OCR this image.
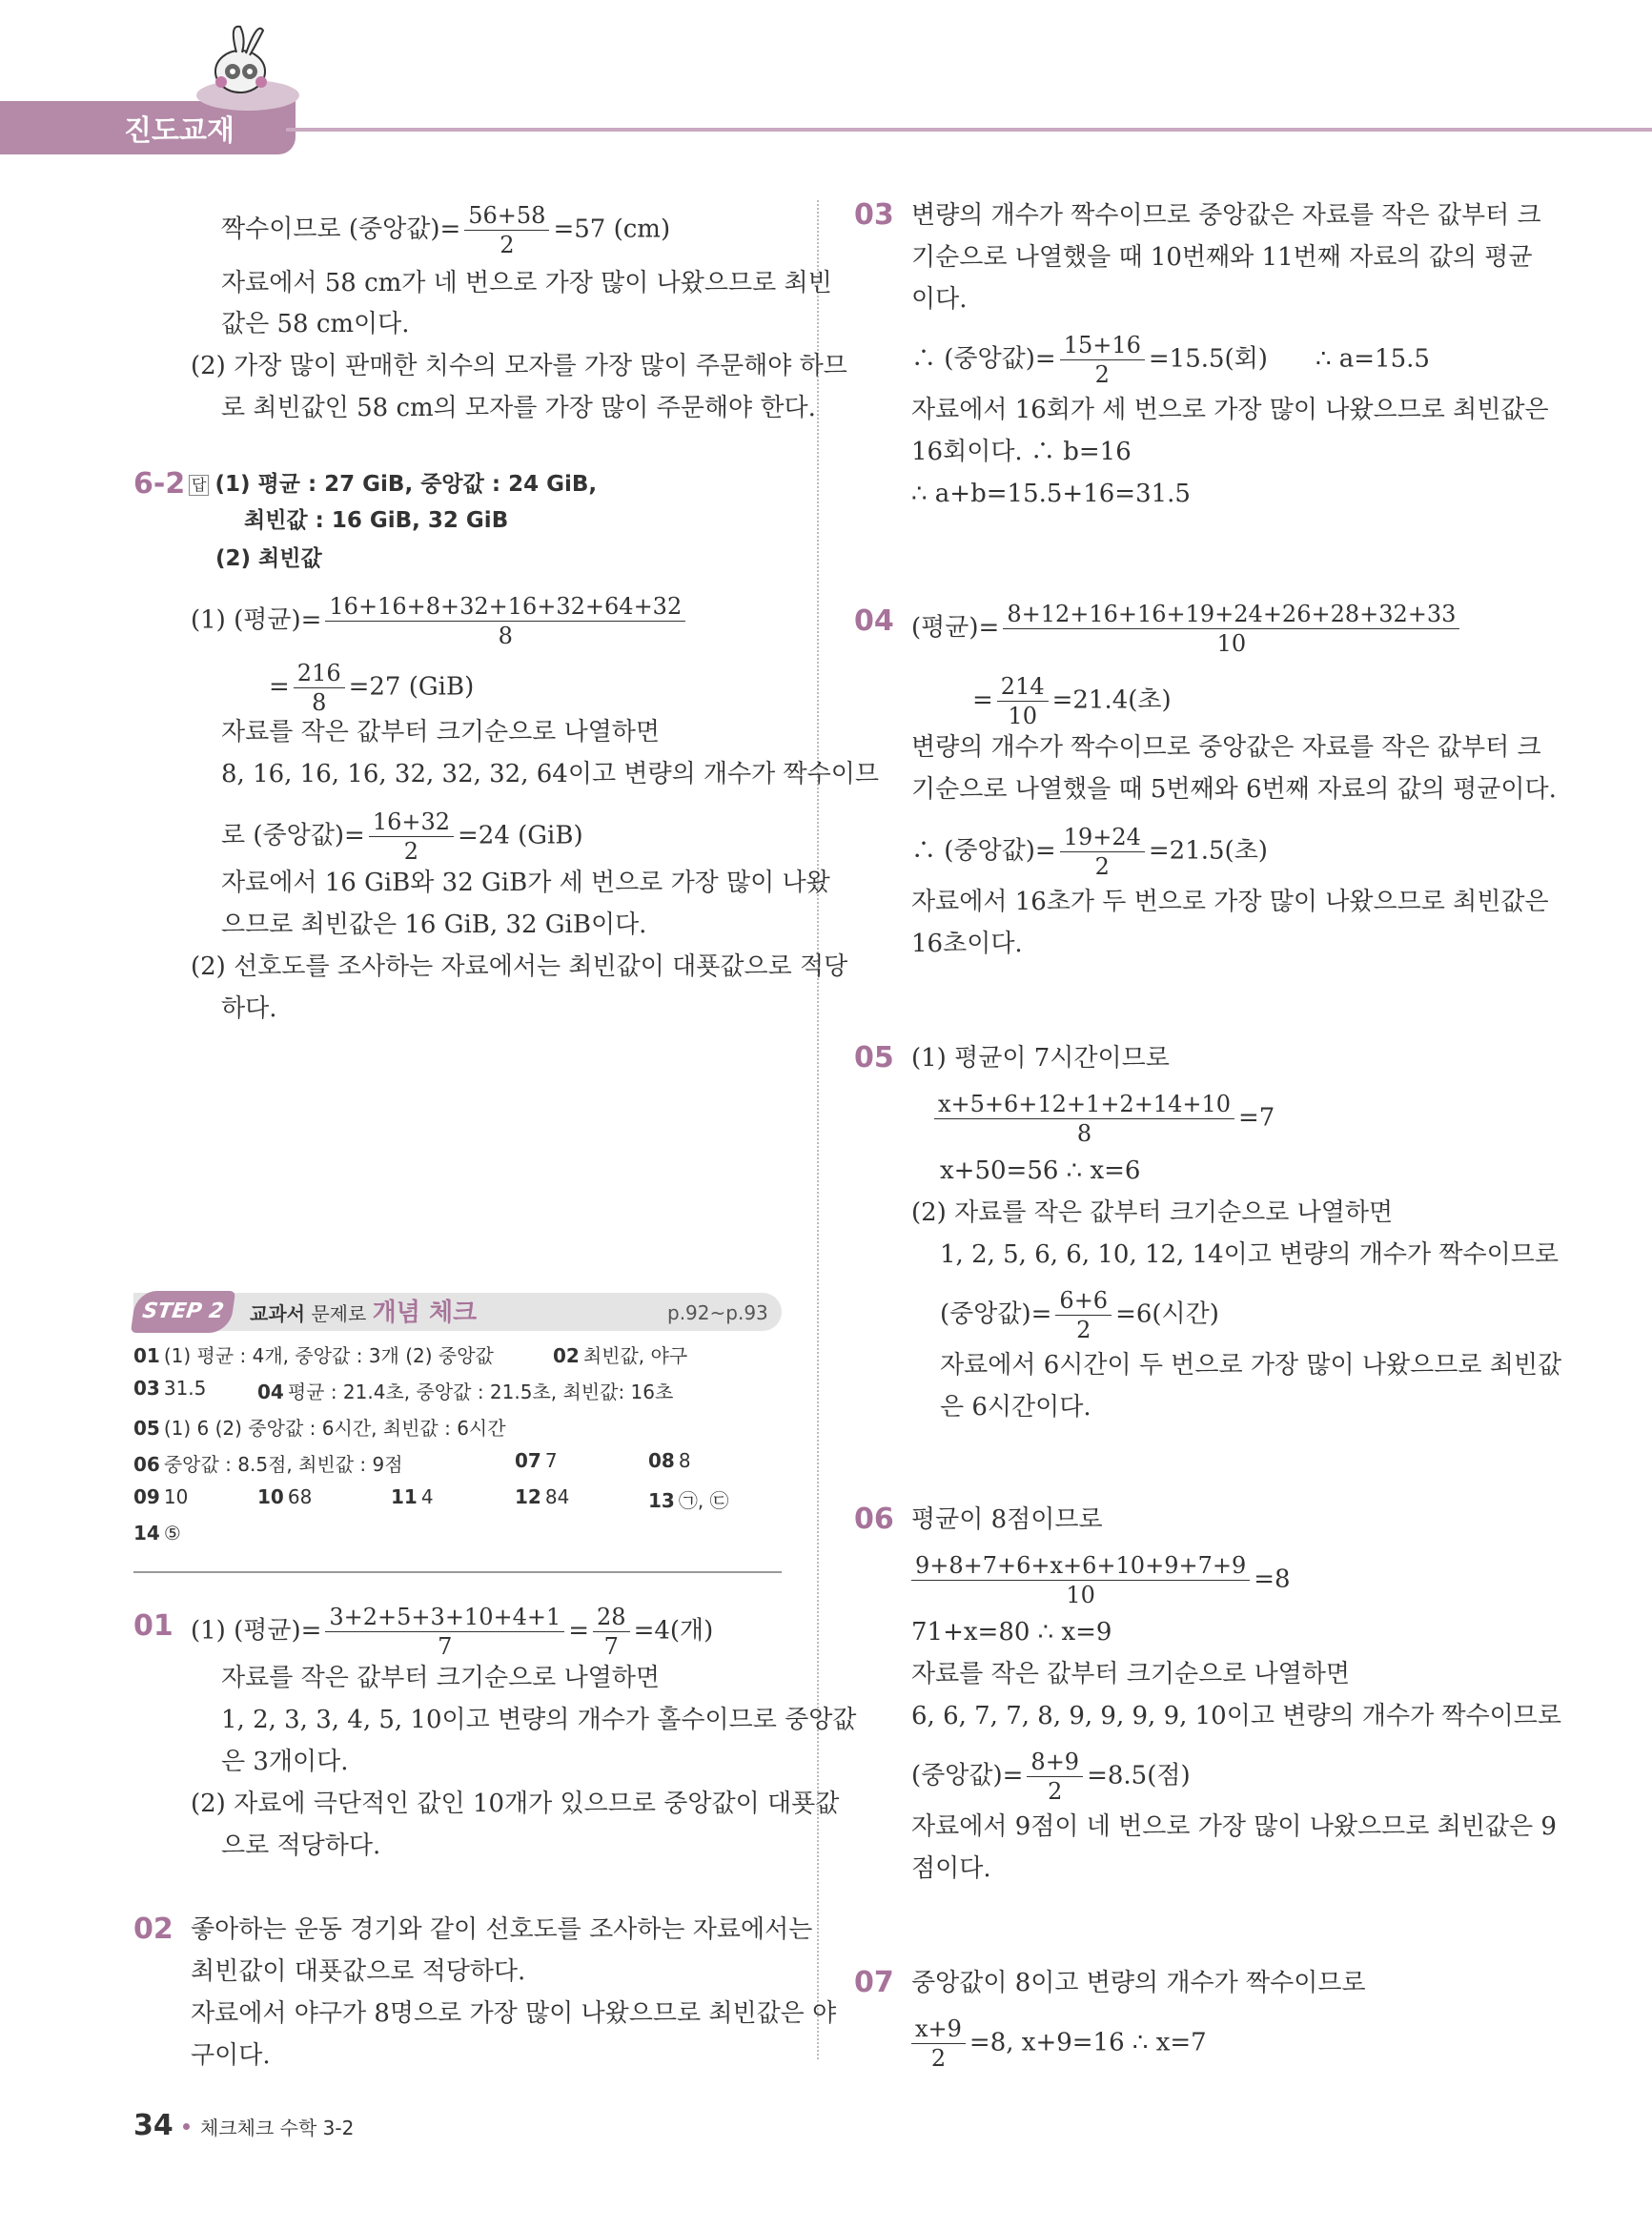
진도교재
짝수이므로 (중앙값)= $\frac{56+58}{2} =57$ (cm)
자료에서 58 cm가 네 번으로 가장 많이 나왔으므로 최빈
값은 58 cm이다.
(2) 가장 많이 판매한 치수의 모자를 가장 많이 주문해야 하므
로 최빈값인 58 cm의 모자를 가장 많이 주문해야 한다.
6-2 답 (1) 평균 : 27 GiB, 중앙값 : 24 GiB,
최빈값 : 16 GiB, 32 GiB
(2) 최빈값
(1) (평균)= $\frac{16+16+8+32+16+32+64+32}{8}$
= $\frac{216}{8} =27$ (GiB)
자료를 작은 값부터 크기순으로 나열하면
8, 16, 16, 16, 32, 32, 32, 64이고 변량의 개수가 짝수이므
로 (중앙값)= $\frac{16+32}{2} =24$ (GiB)
자료에서 16 GiB와 32 GiB가 세 번으로 가장 많이 나왔
으므로 최빈값은 16 GiB, 32 GiB이다.
(2) 선호도를 조사하는 자료에서는 최빈값이 대푯값으로 적당
하다.
STEP 2	교과서 문제로 개념 체크	p.92~p.93
01 (1) 평균 : 4개, 중앙값 : 3개 (2) 중앙값	02 최빈값, 야구
03 31.5	04 평균 : 21.4초, 중앙값 : 21.5초, 최빈값: 16초
05 (1) 6 (2) 중앙값 : 6시간, 최빈값 : 6시간
06 중앙값 : 8.5점, 최빈값 : 9점	07 7	08 8
09 10	10 68	11 4	12 84	13 ㉠, ㉢
14 ⑤
01 (1) (평균)= $\frac{3+2+5+3+10+4+1}{7} = \frac{28}{7} =4$(개)
자료를 작은 값부터 크기순으로 나열하면
1, 2, 3, 3, 4, 5, 10이고 변량의 개수가 홀수이므로 중앙값
은 3개이다.
(2) 자료에 극단적인 값인 10개가 있으므로 중앙값이 대푯값
으로 적당하다.
02 좋아하는 운동 경기와 같이 선호도를 조사하는 자료에서는
최빈값이 대푯값으로 적당하다.
자료에서 야구가 8명으로 가장 많이 나왔으므로 최빈값은 야
구이다.
03 변량의 개수가 짝수이므로 중앙값은 자료를 작은 값부터 크
기순으로 나열했을 때 10번째와 11번째 자료의 값의 평균
이다.
∴ (중앙값)= $\frac{15+16}{2} =15.5$(회) ∴ a=15.5
자료에서 16회가 세 번으로 가장 많이 나왔으므로 최빈값은
16회이다. ∴ b=16
∴ a+b=15.5+16=31.5
04 (평균)= $\frac{8+12+16+16+19+24+26+28+32+33}{10}$
= $\frac{214}{10} =21.4$(초)
변량의 개수가 짝수이므로 중앙값은 자료를 작은 값부터 크
기순으로 나열했을 때 5번째와 6번째 자료의 값의 평균이다.
∴ (중앙값)= $\frac{19+24}{2} =21.5$(초)
자료에서 16초가 두 번으로 가장 많이 나왔으므로 최빈값은
16초이다.
05 (1) 평균이 7시간이므로
$\frac{x+5+6+12+1+2+14+10}{8} =7$
x+50=56 ∴ x=6
(2) 자료를 작은 값부터 크기순으로 나열하면
1, 2, 5, 6, 6, 10, 12, 14이고 변량의 개수가 짝수이므로
(중앙값)= $\frac{6+6}{2} =6$(시간)
자료에서 6시간이 두 번으로 가장 많이 나왔으므로 최빈값
은 6시간이다.
06 평균이 8점이므로
$\frac{9+8+7+6+x+6+10+9+7+9}{10} =8$
71+x=80 ∴ x=9
자료를 작은 값부터 크기순으로 나열하면
6, 6, 7, 7, 8, 9, 9, 9, 9, 10이고 변량의 개수가 짝수이므로
(중앙값)= $\frac{8+9}{2} =8.5$(점)
자료에서 9점이 네 번으로 가장 많이 나왔으므로 최빈값은 9
점이다.
07 중앙값이 8이고 변량의 개수가 짝수이므로
$\frac{x+9}{2} =8$, x+9=16 ∴ x=7
34 체크체크 수학 3-2
